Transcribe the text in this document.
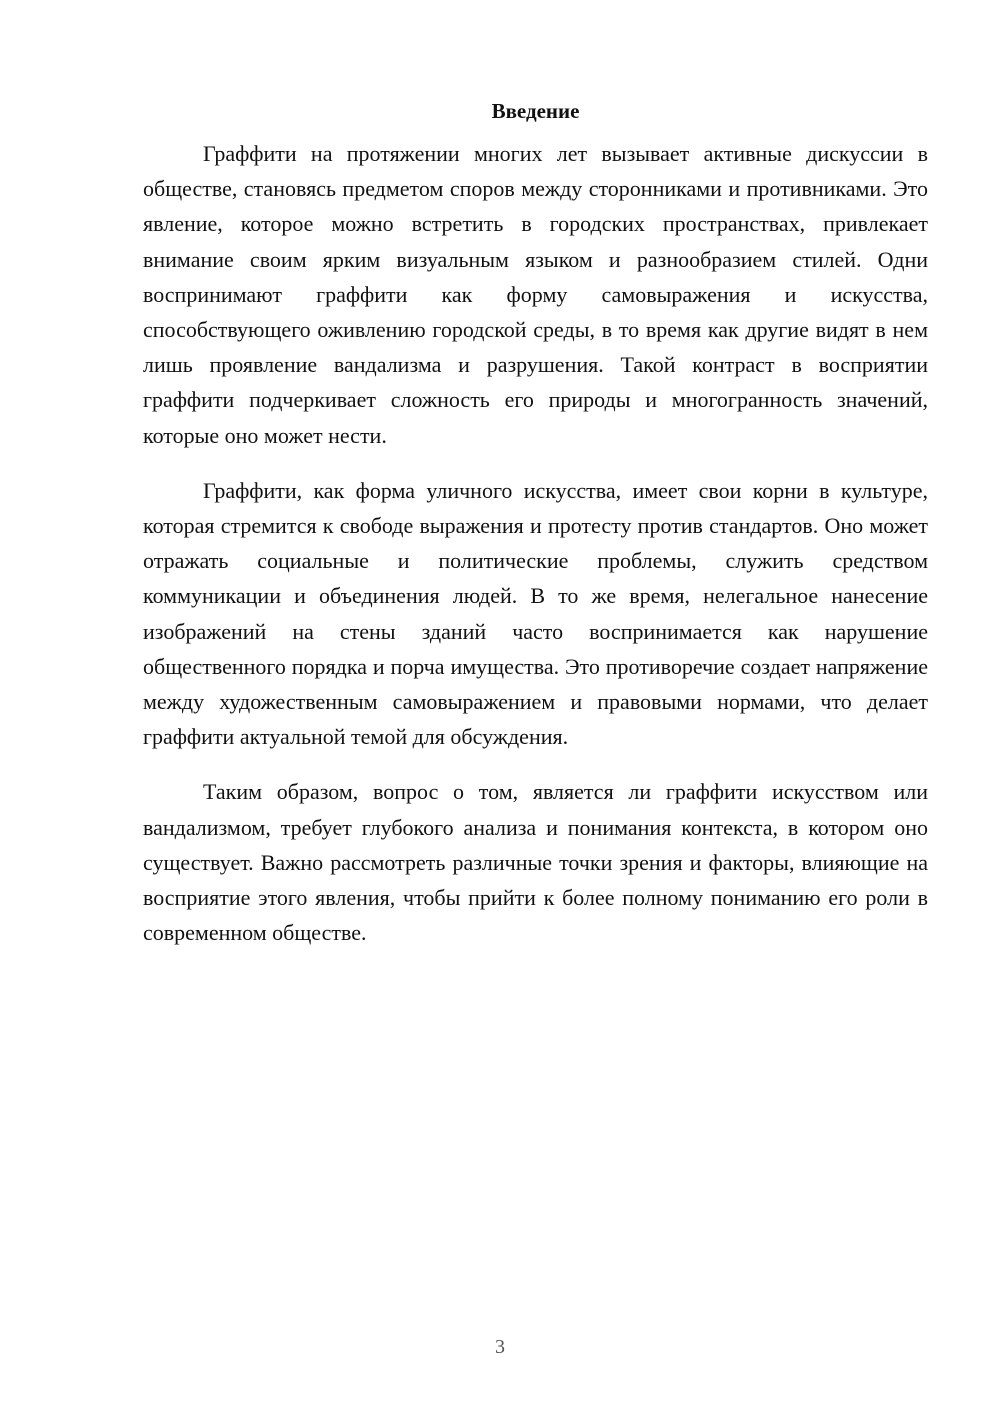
Введение

Граффити на протяжении многих лет вызывает активные дискуссии в обществе, становясь предметом споров между сторонниками и противниками. Это явление, которое можно встретить в городских пространствах, привлекает внимание своим ярким визуальным языком и разнообразием стилей. Одни воспринимают граффити как форму самовыражения и искусства, способствующего оживлению городской среды, в то время как другие видят в нем лишь проявление вандализма и разрушения. Такой контраст в восприятии граффити подчеркивает сложность его природы и многогранность значений, которые оно может нести.

Граффити, как форма уличного искусства, имеет свои корни в культуре, которая стремится к свободе выражения и протесту против стандартов. Оно может отражать социальные и политические проблемы, служить средством коммуникации и объединения людей. В то же время, нелегальное нанесение изображений на стены зданий часто воспринимается как нарушение общественного порядка и порча имущества. Это противоречие создает напряжение между художественным самовыражением и правовыми нормами, что делает граффити актуальной темой для обсуждения.

Таким образом, вопрос о том, является ли граффити искусством или вандализмом, требует глубокого анализа и понимания контекста, в котором оно существует. Важно рассмотреть различные точки зрения и факторы, влияющие на восприятие этого явления, чтобы прийти к более полному пониманию его роли в современном обществе.

3
